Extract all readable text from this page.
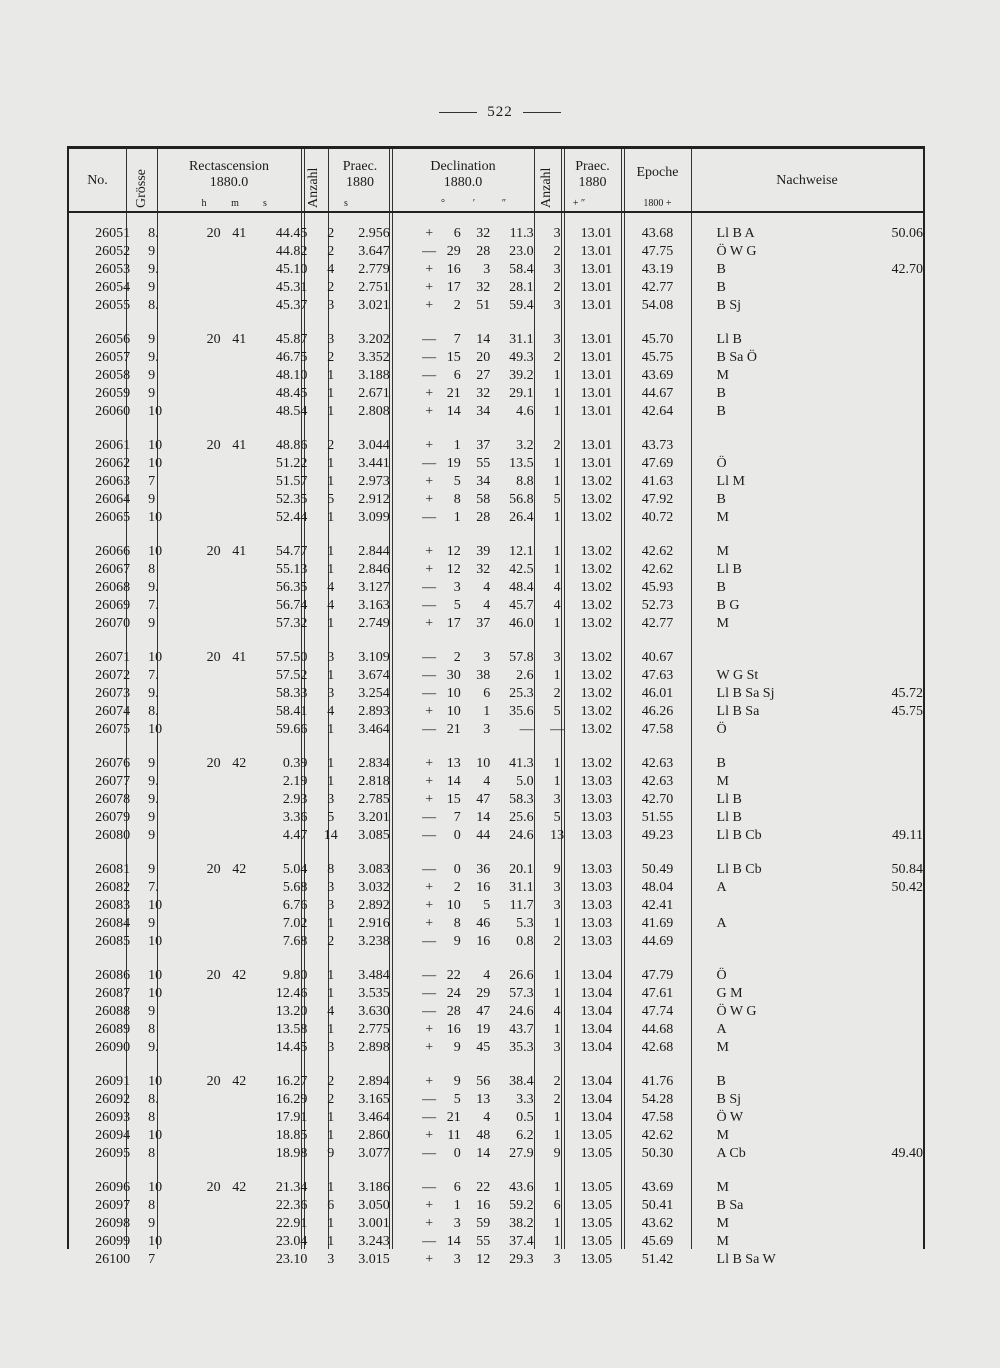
522
No.	Grösse
Rectascension
1880.0
h	m	s	Anzahl
Praec.
1880
s
Declination
1880.0
°	′	″	Anzahl
Praec.
1880
+ ″
Epoche
1800 +
Nachweise
26051	8.	20	41	44.45	2	2.956	+	6	32	11.3	3	13.01	43.68	Ll B A	50.06
26052	9			44.82	2	3.647	—	29	28	23.0	2	13.01	47.75	Ö W G	
26053	9.			45.10	4	2.779	+	16	3	58.4	3	13.01	43.19	B	42.70
26054	9			45.31	2	2.751	+	17	32	28.1	2	13.01	42.77	B	
26055	8.			45.37	3	3.021	+	2	51	59.4	3	13.01	54.08	B Sj	

26056	9	20	41	45.87	3	3.202	—	7	14	31.1	3	13.01	45.70	Ll B	
26057	9.			46.75	2	3.352	—	15	20	49.3	2	13.01	45.75	B Sa Ö	
26058	9			48.10	1	3.188	—	6	27	39.2	1	13.01	43.69	M	
26059	9			48.45	1	2.671	+	21	32	29.1	1	13.01	44.67	B	
26060	10			48.54	1	2.808	+	14	34	4.6	1	13.01	42.64	B	

26061	10	20	41	48.86	2	3.044	+	1	37	3.2	2	13.01	43.73		
26062	10			51.22	1	3.441	—	19	55	13.5	1	13.01	47.69	Ö	
26063	7			51.57	1	2.973	+	5	34	8.8	1	13.02	41.63	Ll M	
26064	9			52.35	5	2.912	+	8	58	56.8	5	13.02	47.92	B	
26065	10			52.44	1	3.099	—	1	28	26.4	1	13.02	40.72	M	

26066	10	20	41	54.77	1	2.844	+	12	39	12.1	1	13.02	42.62	M	
26067	8			55.13	1	2.846	+	12	32	42.5	1	13.02	42.62	Ll B	
26068	9.			56.35	4	3.127	—	3	4	48.4	4	13.02	45.93	B	
26069	7.			56.74	4	3.163	—	5	4	45.7	4	13.02	52.73	B G	
26070	9			57.32	1	2.749	+	17	37	46.0	1	13.02	42.77	M	

26071	10	20	41	57.50	3	3.109	—	2	3	57.8	3	13.02	40.67		
26072	7.			57.52	1	3.674	—	30	38	2.6	1	13.02	47.63	W G St	
26073	9.			58.33	3	3.254	—	10	6	25.3	2	13.02	46.01	Ll B Sa Sj	45.72
26074	8.			58.41	4	2.893	+	10	1	35.6	5	13.02	46.26	Ll B Sa	45.75
26075	10			59.66	1	3.464	—	21	3	—	—	13.02	47.58	Ö	

26076	9	20	42	0.39	1	2.834	+	13	10	41.3	1	13.02	42.63	B	
26077	9.			2.19	1	2.818	+	14	4	5.0	1	13.03	42.63	M	
26078	9.			2.93	3	2.785	+	15	47	58.3	3	13.03	42.70	Ll B	
26079	9			3.36	5	3.201	—	7	14	25.6	5	13.03	51.55	Ll B	
26080	9			4.47	14	3.085	—	0	44	24.6	13	13.03	49.23	Ll B Cb	49.11

26081	9	20	42	5.04	8	3.083	—	0	36	20.1	9	13.03	50.49	Ll B Cb	50.84
26082	7.			5.68	3	3.032	+	2	16	31.1	3	13.03	48.04	A	50.42
26083	10			6.76	3	2.892	+	10	5	11.7	3	13.03	42.41		
26084	9			7.02	1	2.916	+	8	46	5.3	1	13.03	41.69	A	
26085	10			7.68	2	3.238	—	9	16	0.8	2	13.03	44.69		

26086	10	20	42	9.80	1	3.484	—	22	4	26.6	1	13.04	47.79	Ö	
26087	10			12.46	1	3.535	—	24	29	57.3	1	13.04	47.61	G M	
26088	9			13.20	4	3.630	—	28	47	24.6	4	13.04	47.74	Ö W G	
26089	8			13.58	1	2.775	+	16	19	43.7	1	13.04	44.68	A	
26090	9.			14.45	3	2.898	+	9	45	35.3	3	13.04	42.68	M	

26091	10	20	42	16.27	2	2.894	+	9	56	38.4	2	13.04	41.76	B	
26092	8.			16.29	2	3.165	—	5	13	3.3	2	13.04	54.28	B Sj	
26093	8			17.91	1	3.464	—	21	4	0.5	1	13.04	47.58	Ö W	
26094	10			18.85	1	2.860	+	11	48	6.2	1	13.05	42.62	M	
26095	8			18.98	9	3.077	—	0	14	27.9	9	13.05	50.30	A Cb	49.40

26096	10	20	42	21.34	1	3.186	—	6	22	43.6	1	13.05	43.69	M	
26097	8			22.36	6	3.050	+	1	16	59.2	6	13.05	50.41	B Sa	
26098	9			22.91	1	3.001	+	3	59	38.2	1	13.05	43.62	M	
26099	10			23.04	1	3.243	—	14	55	37.4	1	13.05	45.69	M	
26100	7			23.10	3	3.015	+	3	12	29.3	3	13.05	51.42	Ll B Sa W	
